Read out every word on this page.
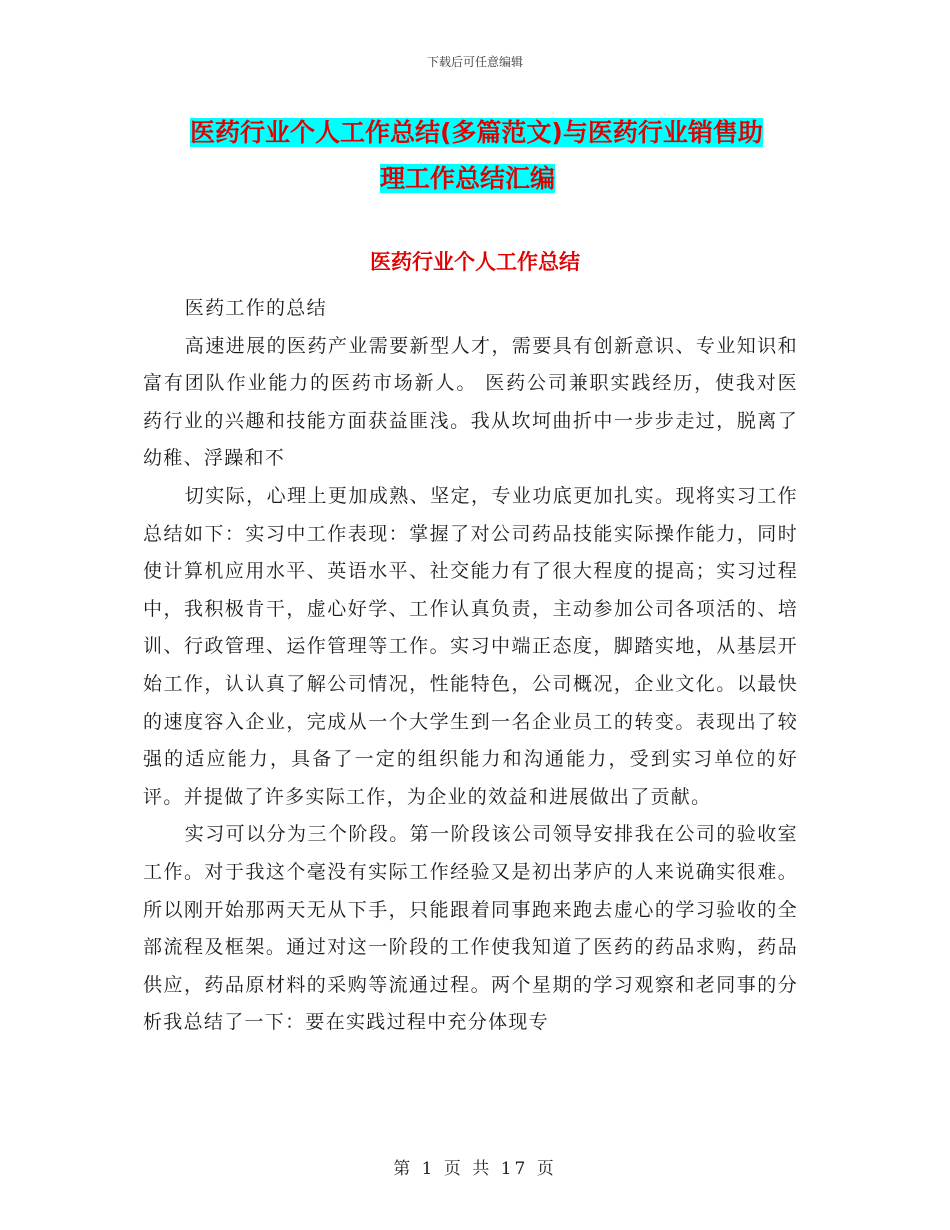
下载后可任意编辑
医药行业个人工作总结(多篇范文)与医药行业销售助
理工作总结汇编
医药行业个人工作总结

医药工作的总结

高速进展的医药产业需要新型人才，需要具有创新意识、专业知识和富有团队作业能力的医药市场新人。 医药公司兼职实践经历，使我对医药行业的兴趣和技能方面获益匪浅。我从坎坷曲折中一步步走过，脱离了幼稚、浮躁和不

切实际，心理上更加成熟、坚定，专业功底更加扎实。现将实习工作总结如下：实习中工作表现：掌握了对公司药品技能实际操作能力，同时使计算机应用水平、英语水平、社交能力有了很大程度的提高；实习过程中，我积极肯干，虚心好学、工作认真负责，主动参加公司各项活的、培训、行政管理、运作管理等工作。实习中端正态度，脚踏实地，从基层开始工作，认认真了解公司情况，性能特色，公司概况，企业文化。以最快的速度容入企业，完成从一个大学生到一名企业员工的转变。表现出了较强的适应能力，具备了一定的组织能力和沟通能力，受到实习单位的好评。并提做了许多实际工作，为企业的效益和进展做出了贡献。

实习可以分为三个阶段。第一阶段该公司领导安排我在公司的验收室工作。对于我这个毫没有实际工作经验又是初出茅庐的人来说确实很难。所以刚开始那两天无从下手，只能跟着同事跑来跑去虚心的学习验收的全部流程及框架。通过对这一阶段的工作使我知道了医药的药品求购，药品供应，药品原材料的采购等流通过程。两个星期的学习观察和老同事的分析我总结了一下：要在实践过程中充分体现专

第 1 页 共 17 页
